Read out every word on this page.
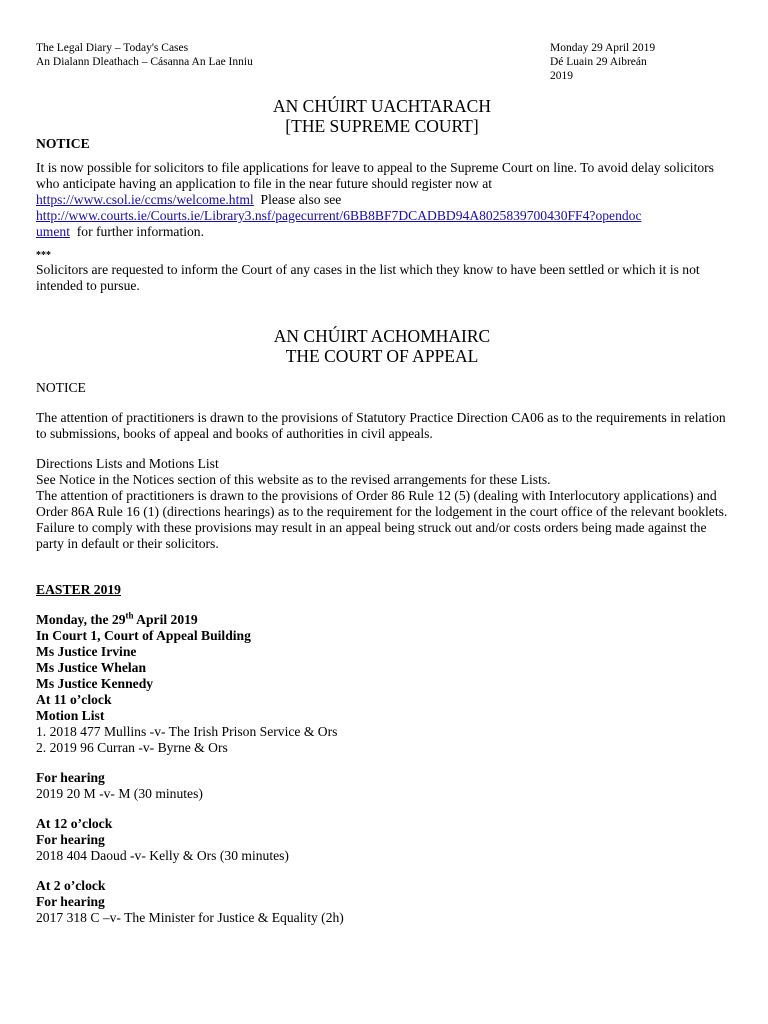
The Legal Diary – Today's Cases	Monday 29 April 2019
An Dialann Dleathach – Cásanna An Lae Inniu	Dé Luain 29 Aibreán 2019
AN CHÚIRT UACHTARACH
[THE SUPREME COURT]

NOTICE

It is now possible for solicitors to file applications for leave to appeal to the Supreme Court on line. To avoid delay solicitors who anticipate having an application to file in the near future should register now at
https://www.csol.ie/ccms/welcome.html Please also see
http://www.courts.ie/Courts.ie/Library3.nsf/pagecurrent/6BB8BF7DCADBD94A8025839700430FF4?opendoc
ument for further information.

***

Solicitors are requested to inform the Court of any cases in the list which they know to have been settled or which it is not intended to pursue.

AN CHÚIRT ACHOMHAIRC
THE COURT OF APPEAL

NOTICE

The attention of practitioners is drawn to the provisions of Statutory Practice Direction CA06 as to the requirements in relation to submissions, books of appeal and books of authorities in civil appeals.

Directions Lists and Motions List

See Notice in the Notices section of this website as to the revised arrangements for these Lists.

The attention of practitioners is drawn to the provisions of Order 86 Rule 12 (5) (dealing with Interlocutory applications) and Order 86A Rule 16 (1) (directions hearings) as to the requirement for the lodgement in the court office of the relevant booklets.

Failure to comply with these provisions may result in an appeal being struck out and/or costs orders being made against the party in default or their solicitors.

EASTER 2019

Monday, the 29th April 2019

In Court 1, Court of Appeal Building

Ms Justice Irvine

Ms Justice Whelan

Ms Justice Kennedy

At 11 o’clock

Motion List

1. 2018 477 Mullins -v- The Irish Prison Service & Ors

2. 2019 96 Curran -v- Byrne & Ors

For hearing

2019 20 M -v- M (30 minutes)

At 12 o’clock

For hearing

2018 404 Daoud -v- Kelly & Ors (30 minutes)

At 2 o’clock

For hearing

2017 318 C –v- The Minister for Justice & Equality (2h)
